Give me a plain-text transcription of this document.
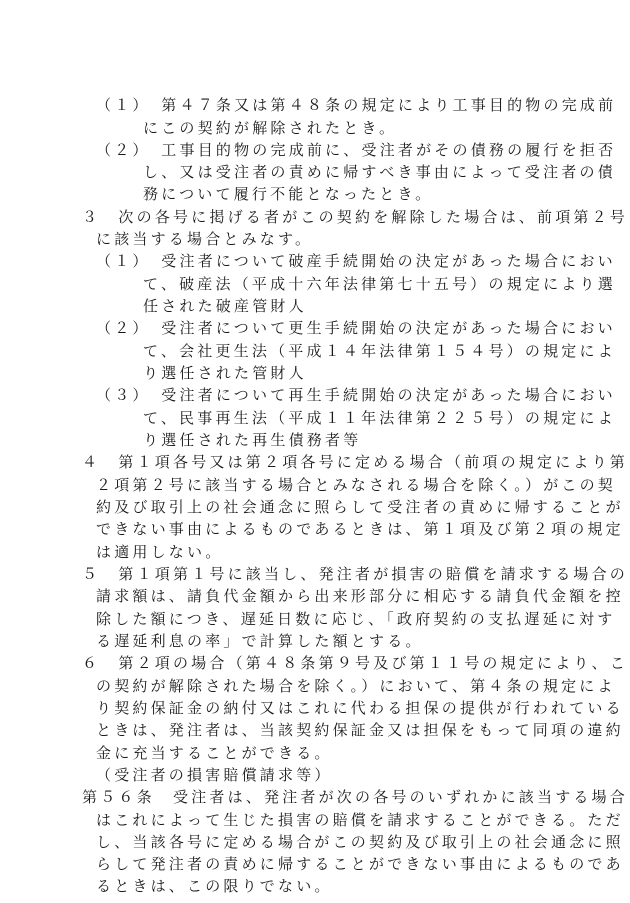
（１）　第４７条又は第４８条の規定により工事目的物の完成前
にこの契約が解除されたとき。
（２）　工事目的物の完成前に、受注者がその債務の履行を拒否
し、又は受注者の責めに帰すべき事由によって受注者の債
務について履行不能となったとき。
３　次の各号に掲げる者がこの契約を解除した場合は、前項第２号
に該当する場合とみなす。
（１）　受注者について破産手続開始の決定があった場合におい
て、破産法（平成十六年法律第七十五号）の規定により選
任された破産管財人
（２）　受注者について更生手続開始の決定があった場合におい
て、会社更生法（平成１４年法律第１５４号）の規定によ
り選任された管財人
（３）　受注者について再生手続開始の決定があった場合におい
て、民事再生法（平成１１年法律第２２５号）の規定によ
り選任された再生債務者等
４　第１項各号又は第２項各号に定める場合（前項の規定により第
２項第２号に該当する場合とみなされる場合を除く。）がこの契
約及び取引上の社会通念に照らして受注者の責めに帰することが
できない事由によるものであるときは、第１項及び第２項の規定
は適用しない。
５　第１項第１号に該当し、発注者が損害の賠償を請求する場合の
請求額は、請負代金額から出来形部分に相応する請負代金額を控
除した額につき、遅延日数に応じ、「政府契約の支払遅延に対す
る遅延利息の率」で計算した額とする。
６　第２項の場合（第４８条第９号及び第１１号の規定により、こ
の契約が解除された場合を除く。）において、第４条の規定によ
り契約保証金の納付又はこれに代わる担保の提供が行われている
ときは、発注者は、当該契約保証金又は担保をもって同項の違約
金に充当することができる。
（受注者の損害賠償請求等）
第５６条　受注者は、発注者が次の各号のいずれかに該当する場合
はこれによって生じた損害の賠償を請求することができる。ただ
し、当該各号に定める場合がこの契約及び取引上の社会通念に照
らして発注者の責めに帰することができない事由によるものであ
るときは、この限りでない。
